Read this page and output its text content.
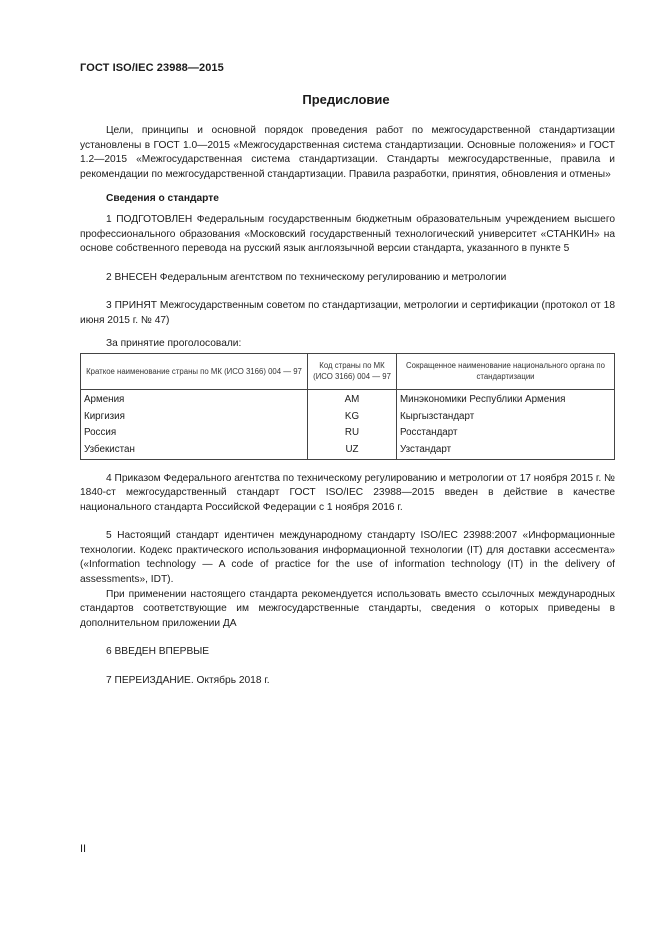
ГОСТ ISO/IEC 23988—2015
Предисловие

Цели, принципы и основной порядок проведения работ по межгосударственной стандартизации установлены в ГОСТ 1.0—2015 «Межгосударственная система стандартизации. Основные положения» и ГОСТ 1.2—2015 «Межгосударственная система стандартизации. Стандарты межгосударственные, правила и рекомендации по межгосударственной стандартизации. Правила разработки, принятия, обновления и отмены»

Сведения о стандарте

1 ПОДГОТОВЛЕН Федеральным государственным бюджетным образовательным учреждением высшего профессионального образования «Московский государственный технологический университет «СТАНКИН» на основе собственного перевода на русский язык англоязычной версии стандарта, указанного в пункте 5

2 ВНЕСЕН Федеральным агентством по техническому регулированию и метрологии

3 ПРИНЯТ Межгосударственным советом по стандартизации, метрологии и сертификации (протокол от 18 июня 2015 г. № 47)

За принятие проголосовали:

Краткое наименование страны по МК (ИСО 3166) 004 — 97	Код страны по МК (ИСО 3166) 004 — 97	Сокращенное наименование национального органа по стандартизации
Армения	AM	Минэкономики Республики Армения
Киргизия	KG	Кыргызстандарт
Россия	RU	Росстандарт
Узбекистан	UZ	Узстандарт

4 Приказом Федерального агентства по техническому регулированию и метрологии от 17 ноября 2015 г. № 1840-ст межгосударственный стандарт ГОСТ ISO/IEC 23988—2015 введен в действие в качестве национального стандарта Российской Федерации с 1 ноября 2016 г.

5 Настоящий стандарт идентичен международному стандарту ISO/IEC 23988:2007 «Информационные технологии. Кодекс практического использования информационной технологии (IT) для доставки ассесмента» («Information technology — A code of practice for the use of information technology (IT) in the delivery of assessments», IDT).

При применении настоящего стандарта рекомендуется использовать вместо ссылочных международных стандартов соответствующие им межгосударственные стандарты, сведения о которых приведены в дополнительном приложении ДА

6 ВВЕДЕН ВПЕРВЫЕ

7 ПЕРЕИЗДАНИЕ. Октябрь 2018 г.

II
